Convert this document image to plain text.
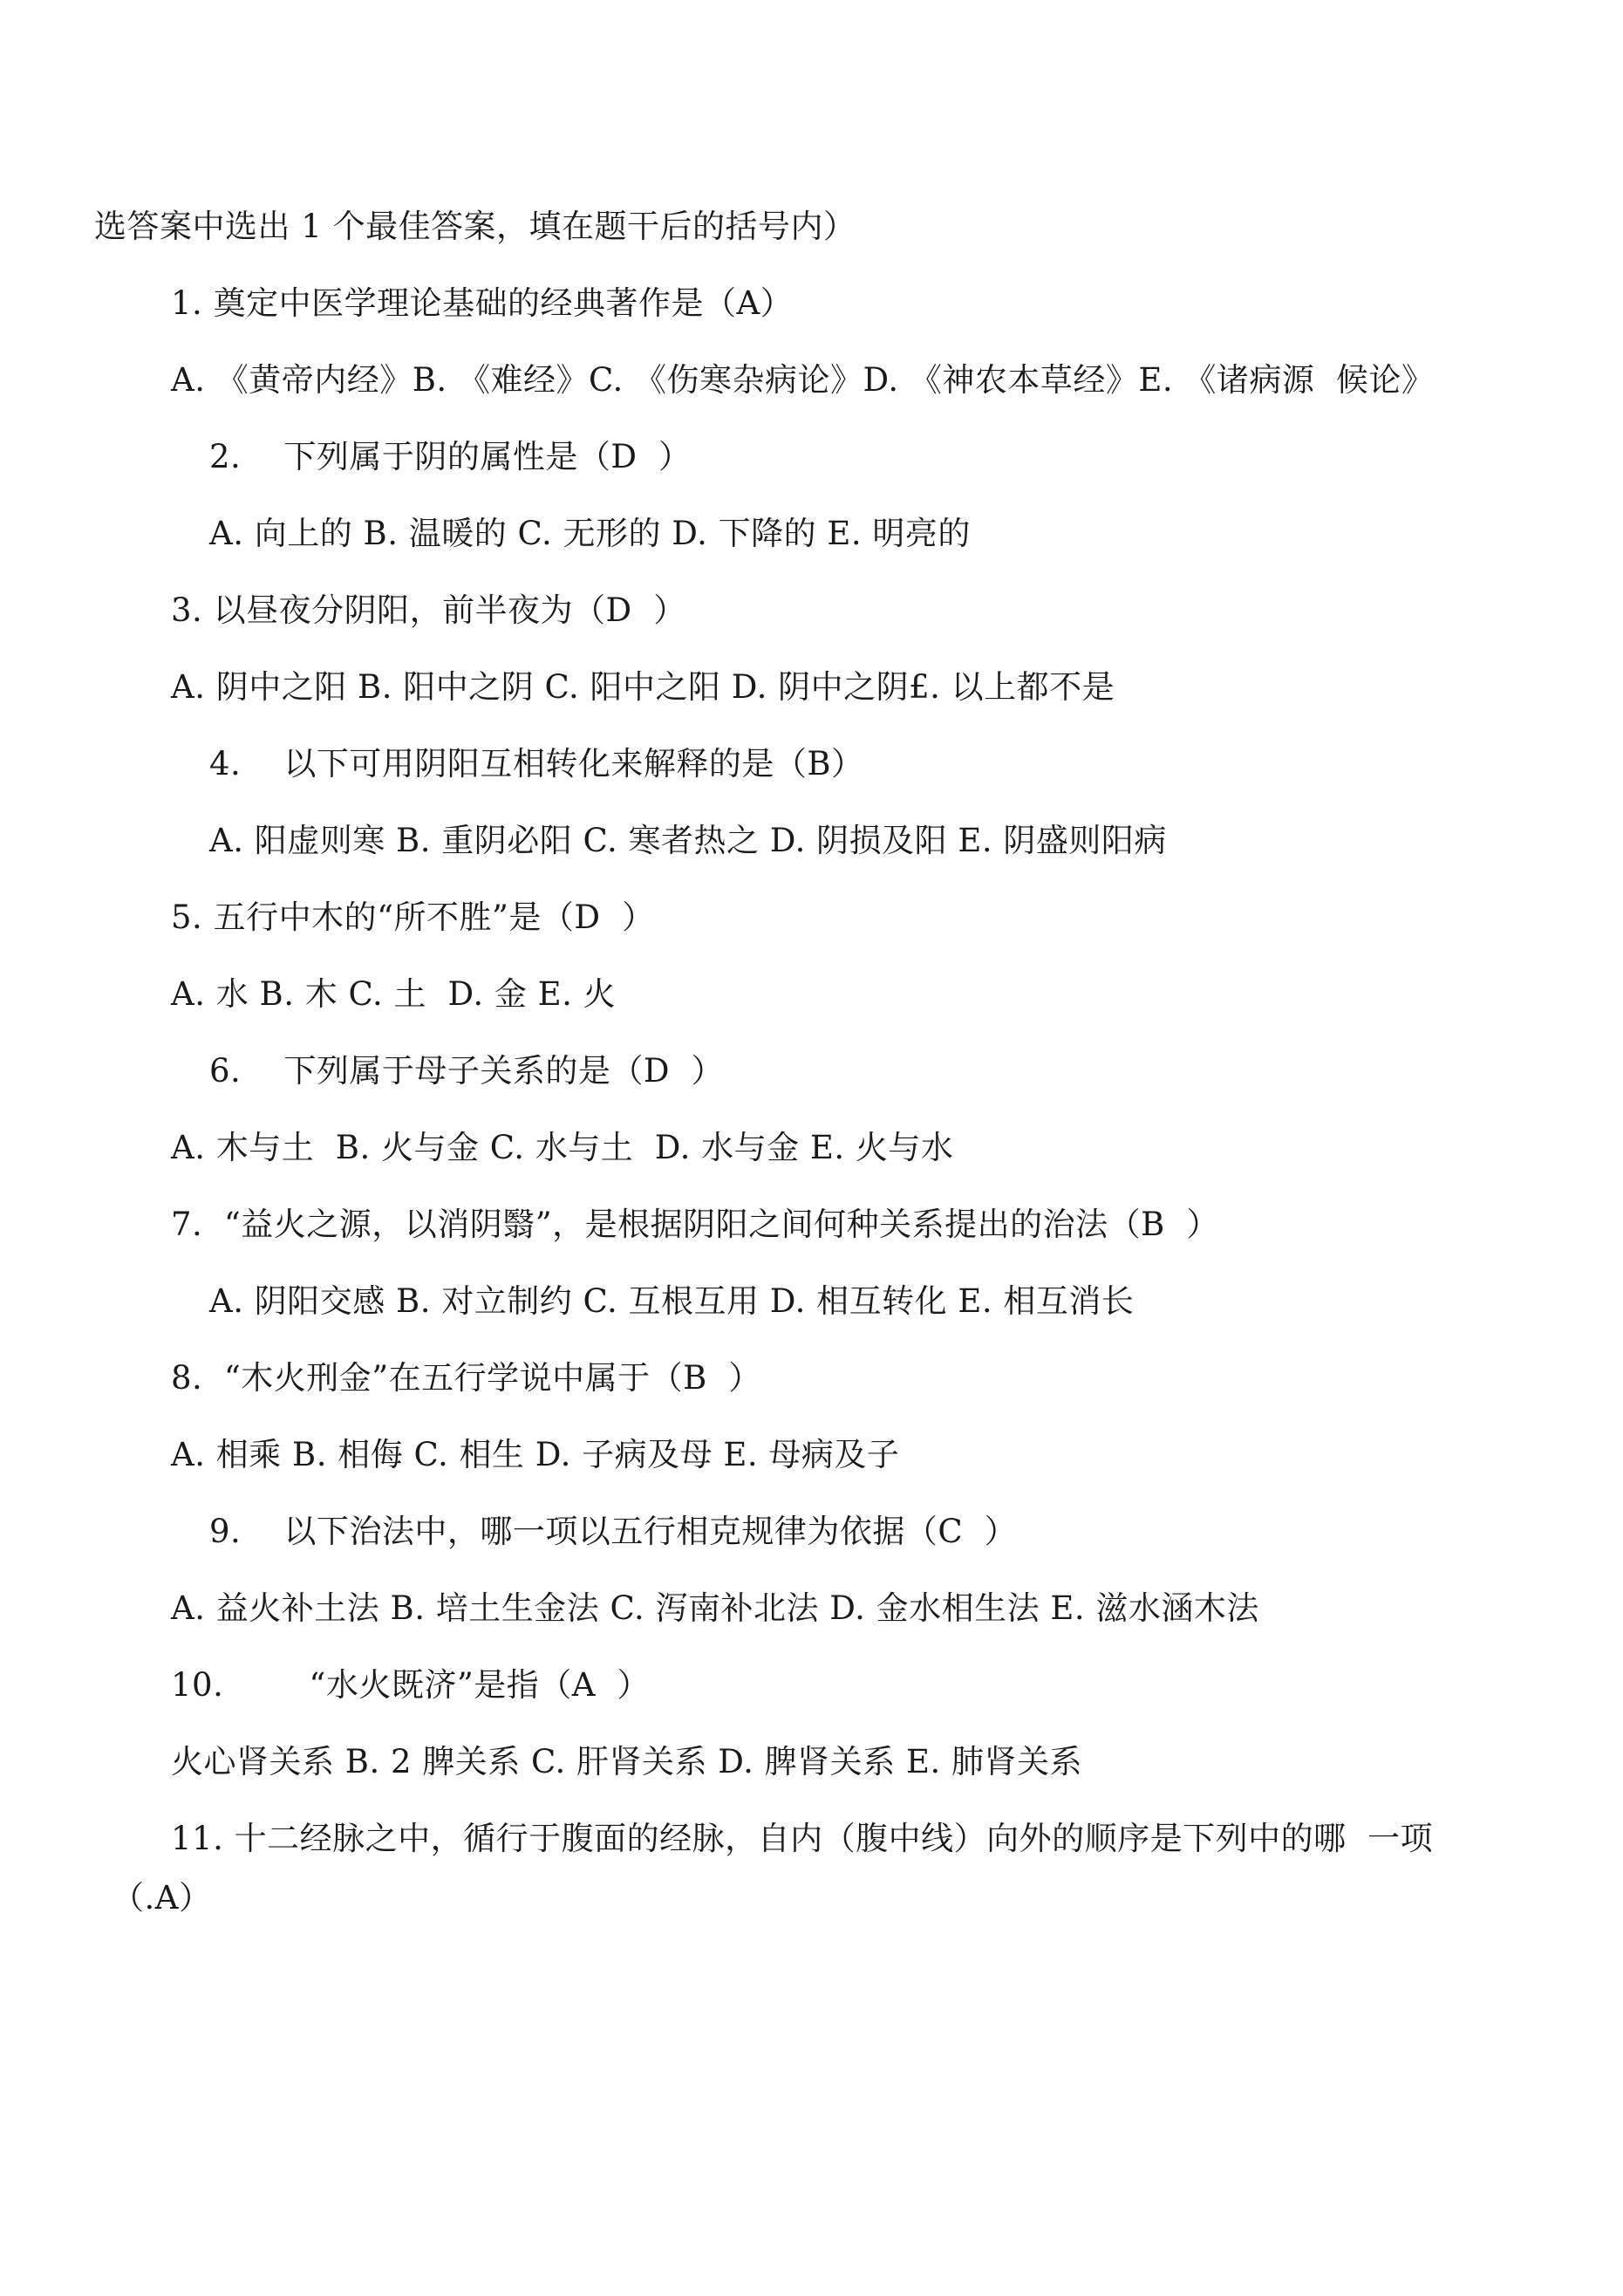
选答案中选出 1 个最佳答案，填在题干后的括号内）
1. 奠定中医学理论基础的经典著作是（A）
A. 《黄帝内经》B. 《难经》C. 《伤寒杂病论》D. 《神农本草经》E. 《诸病源  候论》
2.    下列属于阴的属性是（D  ）
A. 向上的 B. 温暖的 C. 无形的 D. 下降的 E. 明亮的
3. 以昼夜分阴阳，前半夜为（D  ）
A. 阴中之阳 B. 阳中之阴 C. 阳中之阳 D. 阴中之阴£. 以上都不是
4.    以下可用阴阳互相转化来解释的是（B）
A. 阳虚则寒 B. 重阴必阳 C. 寒者热之 D. 阴损及阳 E. 阴盛则阳病
5. 五行中木的“所不胜”是（D  ）
A. 水 B. 木 C. 土  D. 金 E. 火
6.    下列属于母子关系的是（D  ）
A. 木与土  B. 火与金 C. 水与土  D. 水与金 E. 火与水
7.  “益火之源，以消阴翳”，是根据阴阳之间何种关系提出的治法（B  ）
A. 阴阳交感 B. 对立制约 C. 互根互用 D. 相互转化 E. 相互消长
8.  “木火刑金”在五行学说中属于（B  ）
A. 相乘 B. 相侮 C. 相生 D. 子病及母 E. 母病及子
9.    以下治法中，哪一项以五行相克规律为依据（C  ）
A. 益火补土法 B. 培土生金法 C. 泻南补北法 D. 金水相生法 E. 滋水涵木法
10.        “水火既济”是指（A  ）
火心肾关系 B. 2 脾关系 C. 肝肾关系 D. 脾肾关系 E. 肺肾关系
11. 十二经脉之中，循行于腹面的经脉，自内（腹中线）向外的顺序是下列中的哪  一项
（.A）
